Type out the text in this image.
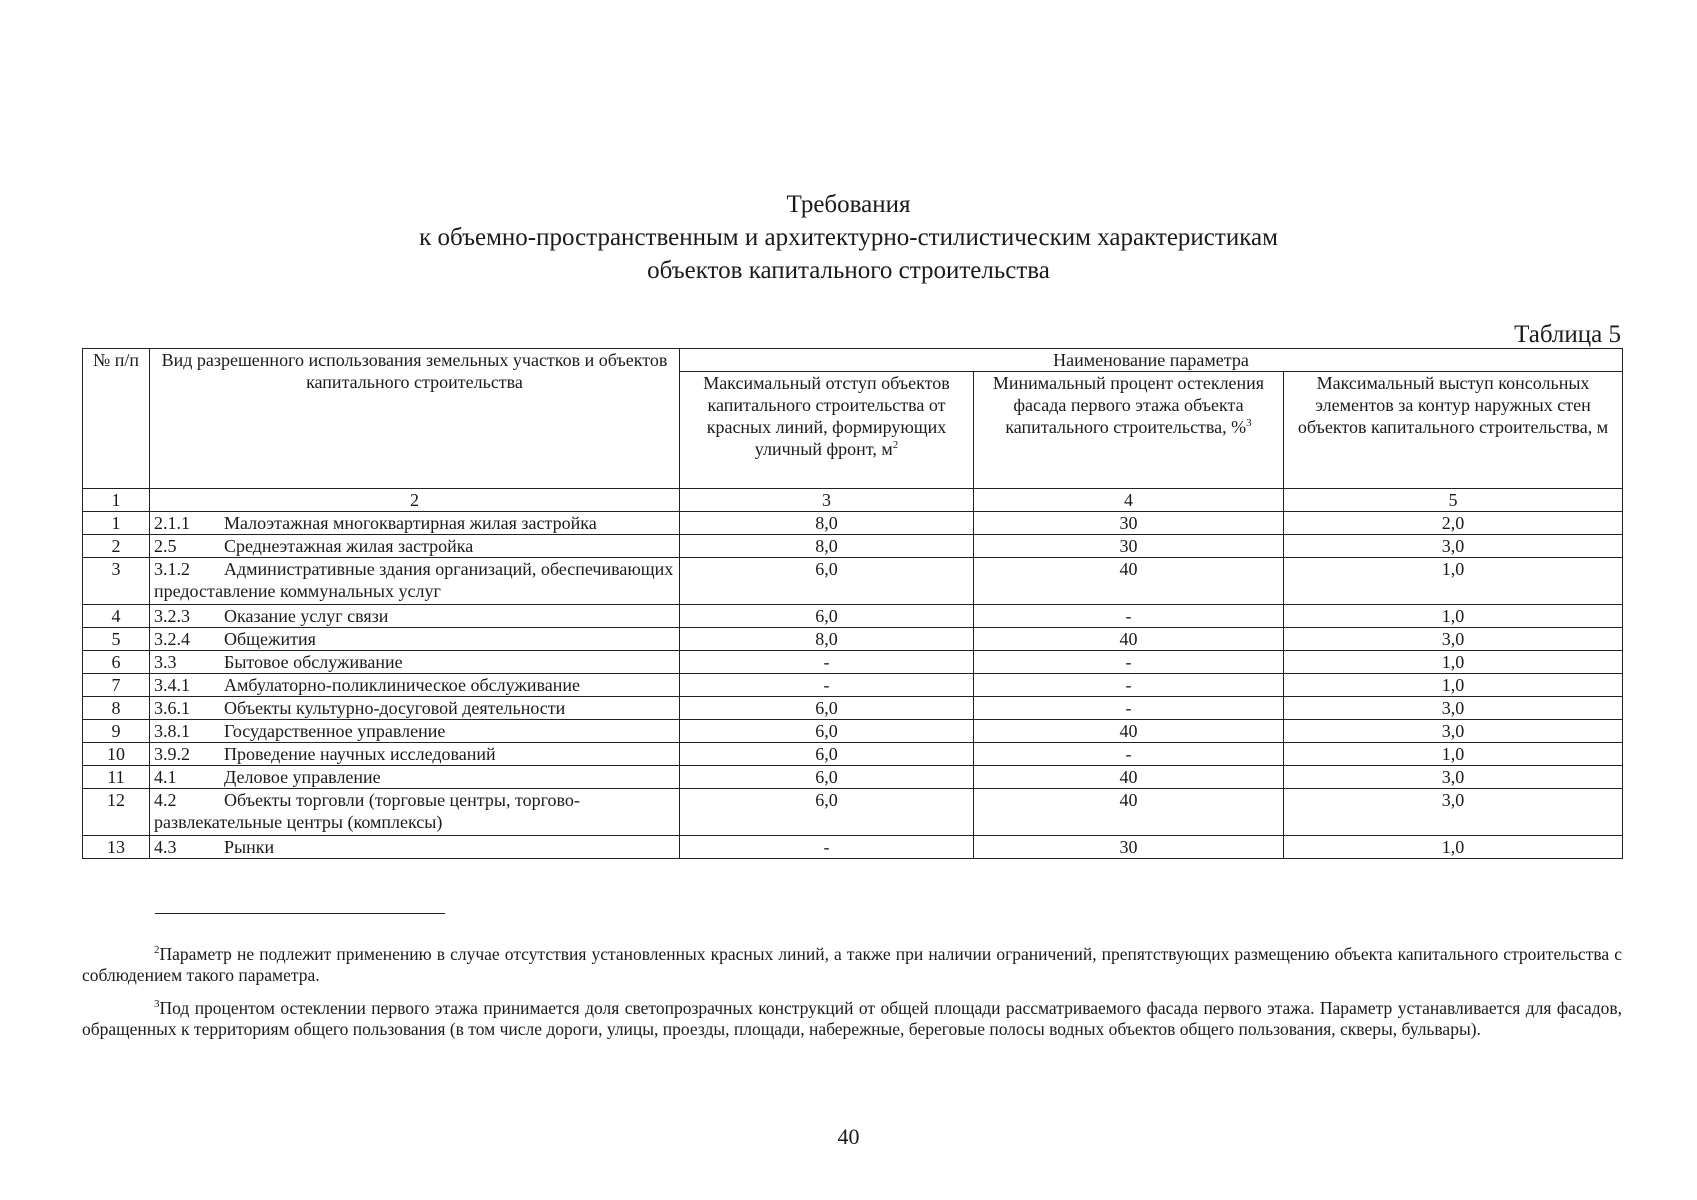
Требования
к объемно-пространственным и архитектурно-стилистическим характеристикам
объектов капитального строительства
Таблица 5
№ п/п	Вид разрешенного использования земельных участков и объектов капитального строительства	Наименование параметра		
		Максимальный отступ объектов капитального строительства от красных линий, формирующих уличный фронт, $м^2$	Минимальный процент остекления фасада первого этажа объекта капитального строительства, %$^3$	Максимальный выступ консольных элементов за контур наружных стен объектов капитального строительства, м
1	2	3	4	5
1	2.1.1 Малоэтажная многоквартирная жилая застройка	8,0	30	2,0
2	2.5 Среднеэтажная жилая застройка	8,0	30	3,0
3	3.1.2 Административные здания организаций, обеспечивающих предоставление коммунальных услуг	6,0	40	1,0
4	3.2.3 Оказание услуг связи	6,0	-	1,0
5	3.2.4 Общежития	8,0	40	3,0
6	3.3 Бытовое обслуживание	-	-	1,0
7	3.4.1 Амбулаторно-поликлиническое обслуживание	-	-	1,0
8	3.6.1 Объекты культурно-досуговой деятельности	6,0	-	3,0
9	3.8.1 Государственное управление	6,0	40	3,0
10	3.9.2 Проведение научных исследований	6,0	-	1,0
11	4.1 Деловое управление	6,0	40	3,0
12	4.2 Объекты торговли (торговые центры, торгово-развлекательные центры (комплексы)	6,0	40	3,0
13	4.3 Рынки	-	30	1,0

$^2$Параметр не подлежит применению в случае отсутствия установленных красных линий, а также при наличии ограничений, препятствующих размещению объекта капитального строительства с соблюдением такого параметра.

$^3$Под процентом остеклении первого этажа принимается доля светопрозрачных конструкций от общей площади рассматриваемого фасада первого этажа. Параметр устанавливается для фасадов, обращенных к территориям общего пользования (в том числе дороги, улицы, проезды, площади, набережные, береговые полосы водных объектов общего пользования, скверы, бульвары).

40
